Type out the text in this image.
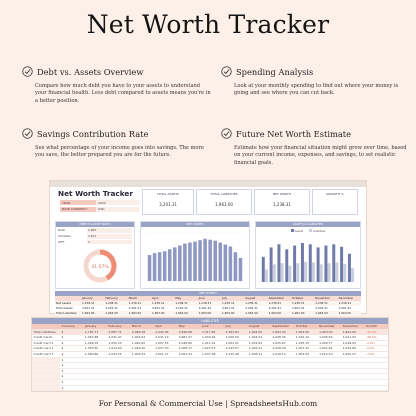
Net Worth Tracker
Debt vs. Assets Overview
Compare how much debt you have to your assets to understand your financial health. Less debt compared to assets means you're in a better position.
Spending Analysis
Look at your monthly spending to find out where your money is going and see where you can cut back.
Savings Contribution Rate
See what percentage of your income goes into savings. The more you save, the better prepared you are for the future.
Future Net Worth Estimate
Estimate how your financial situation might grow over time, based on your current income, expenses, and savings, to set realistic financial goals.
Net Worth Tracker
YEAR	2024
BASE CURRENCY	USD
TOTAL ASSETS
3,201.31
TOTAL LIABILITIES
1,963.00
NET WORTH
1,238.31
GROWTH %
DEBT-TO-ASSET RATIO
Debt	1,963
All Debts	3,201
LEFT	3
41.67%
NET WORTH	ASSETS & LIABILITIES
Assets	Liabilities
NET WORTH
January	February	March	April	May	June	July	August	September	October	November	December
Net Assets	1,238.31	1,238.31	1,238.31	1,238.31	1,238.31	1,238.31	1,238.31	1,238.31	1,238.31	1,238.31	1,238.31	1,238.31
Total Assets	3,201.31	3,201.31	3,201.31	3,201.31	3,201.31	3,201.31	3,201.31	3,201.31	3,201.31	3,201.31	3,201.31	3,201.31
Total Liabilities	1,963.00	1,963.00	1,963.00	1,963.00	1,963.00	1,963.00	1,963.00	1,963.00	1,963.00	1,963.00	1,963.00	1,963.00
LIABILITIES
Currency	January	February	March	April	May	June	July	August	September	October	November	December	Growth
Total Liabilities	$	1,781.77	3,687.71	2,088.18	1,042.56	3,996.68	1,317.89	3,381.63	1,963.00	1,963.00	1,963.00	1,963.00	1,963.00	-13.0%
Credit Cards	$	1,052.88	3,031.47	1,004.93	2,041.19	3,981.37	1,039.92	1,050.50	1,024.04	1,028.30	1,016.10	1,036.50	1,021.03	-38.0%
Credit Card 1	$	1,062.05	1,052.25	1,040.00	1,007.55	1,048.80	1,011.02	1,063.01	1,032.62	1,025.67	1,035.33	1,009.77	1,048.93	-2.0%
Credit Card 2	$	1,053.50	1,014.60	1,049.40	1,037.20	1,008.17	1,025.53	1,043.07	1,045.31	1,028.39	1,007.41	1,051.65	1,034.89	-9.0%
Credit Card 3	$	1,060.66	1,033.55	1,009.33	1,021.77	1,061.44	1,037.48	1,034.48	1,046.21	1,018.19	1,053.63	1,012.10	1,050.47	-3.0%
$
$
$
$
$
$
For Personal & Commercial Use | SpreadsheetsHub.com
